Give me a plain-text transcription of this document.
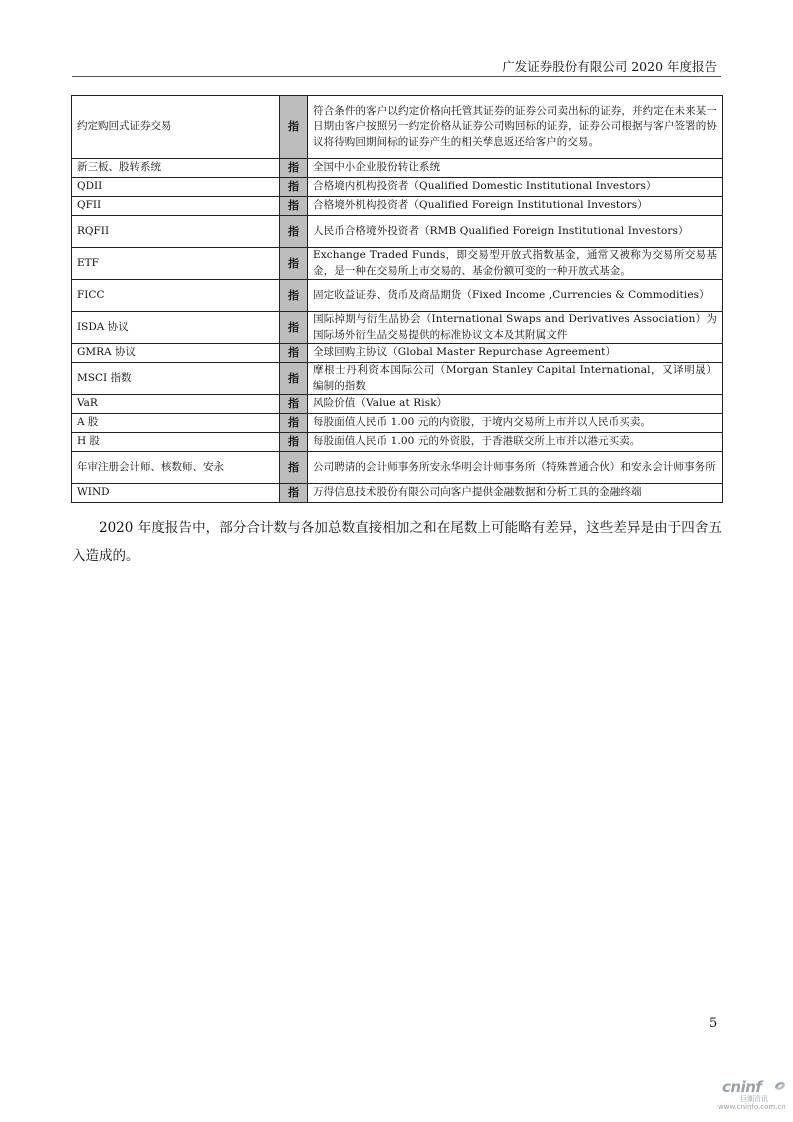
广发证券股份有限公司 2020 年度报告
约定购回式证券交易	指	符合条件的客户以约定价格向托管其证券的证券公司卖出标的证券，并约定在未来某一日期由客户按照另一约定价格从证券公司购回标的证券，证券公司根据与客户签署的协议将待购回期间标的证券产生的相关孳息返还给客户的交易。
新三板、股转系统	指	全国中小企业股份转让系统
QDII	指	合格境内机构投资者（Qualified Domestic Institutional Investors）
QFII	指	合格境外机构投资者（Qualified Foreign Institutional Investors）
RQFII	指	人民币合格境外投资者（RMB Qualified Foreign Institutional Investors）
ETF	指	Exchange Traded Funds，即交易型开放式指数基金，通常又被称为交易所交易基金，是一种在交易所上市交易的、基金份额可变的一种开放式基金。
FICC	指	固定收益证券、货币及商品期货（Fixed Income ,Currencies & Commodities）
ISDA 协议	指	国际掉期与衍生品协会（International Swaps and Derivatives Association）为国际场外衍生品交易提供的标准协议文本及其附属文件
GMRA 协议	指	全球回购主协议（Global Master Repurchase Agreement）
MSCI 指数	指	摩根士丹利资本国际公司（Morgan Stanley Capital International，又译明晟）编制的指数
VaR	指	风险价值（Value at Risk）
A 股	指	每股面值人民币 1.00 元的内资股，于境内交易所上市并以人民币买卖。
H 股	指	每股面值人民币 1.00 元的外资股，于香港联交所上市并以港元买卖。
年审注册会计师、核数师、安永	指	公司聘请的会计师事务所安永华明会计师事务所（特殊普通合伙）和安永会计师事务所
WIND	指	万得信息技术股份有限公司向客户提供金融数据和分析工具的金融终端
2020 年度报告中，部分合计数与各加总数直接相加之和在尾数上可能略有差异，这些差异是由于四舍五入造成的。
5
cninf
巨潮资讯
www.cninfo.com.cn
